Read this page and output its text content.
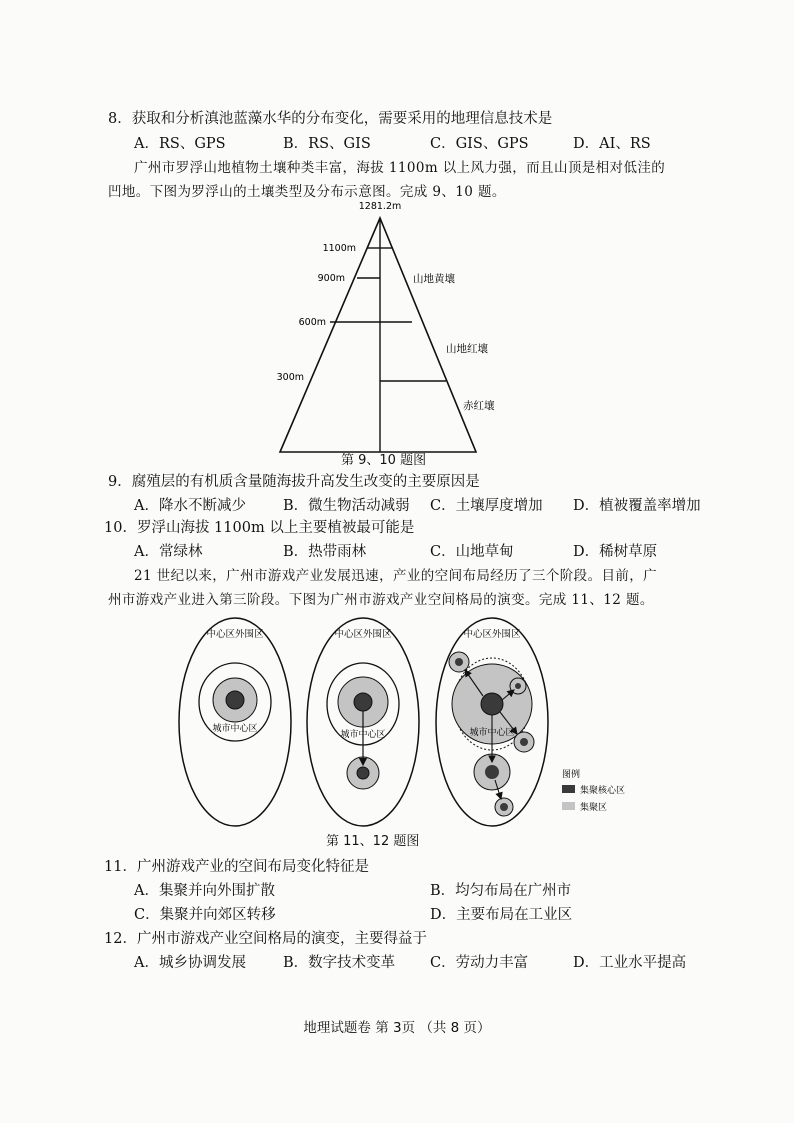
8．获取和分析滇池蓝藻水华的分布变化，需要采用的地理信息技术是
A．RS、GPS	B．RS、GIS	C．GIS、GPS	D．AI、RS
广州市罗浮山地植物土壤种类丰富，海拔 1100m 以上风力强，而且山顶是相对低洼的
凹地。下图为罗浮山的土壤类型及分布示意图。完成 9、10 题。
1281.2m
1100m
900m
600m
300m
山地黄壤
山地红壤
赤红壤
第 9、10 题图
9．腐殖层的有机质含量随海拔升高发生改变的主要原因是
A．降水不断减少	B．微生物活动减弱 C．土壤厚度增加 D．植被覆盖率增加
10．罗浮山海拔 1100m 以上主要植被最可能是
A．常绿林	B．热带雨林	C．山地草甸	D．稀树草原
21 世纪以来，广州市游戏产业发展迅速，产业的空间布局经历了三个阶段。目前，广
州市游戏产业进入第三阶段。下图为广州市游戏产业空间格局的演变。完成 11、12 题。
中心区外围区
城市中心区
中心区外围区
城市中心区
中心区外围区
城市中心区
图例
集聚核心区
集聚区
第 11、12 题图
11．广州游戏产业的空间布局变化特征是
A．集聚并向外围扩散	B．均匀布局在广州市
C．集聚并向郊区转移	D．主要布局在工业区
12．广州市游戏产业空间格局的演变，主要得益于
A．城乡协调发展	B．数字技术变革 C．劳动力丰富	D．工业水平提高
地理试题卷 第 3页 （共 8 页）
